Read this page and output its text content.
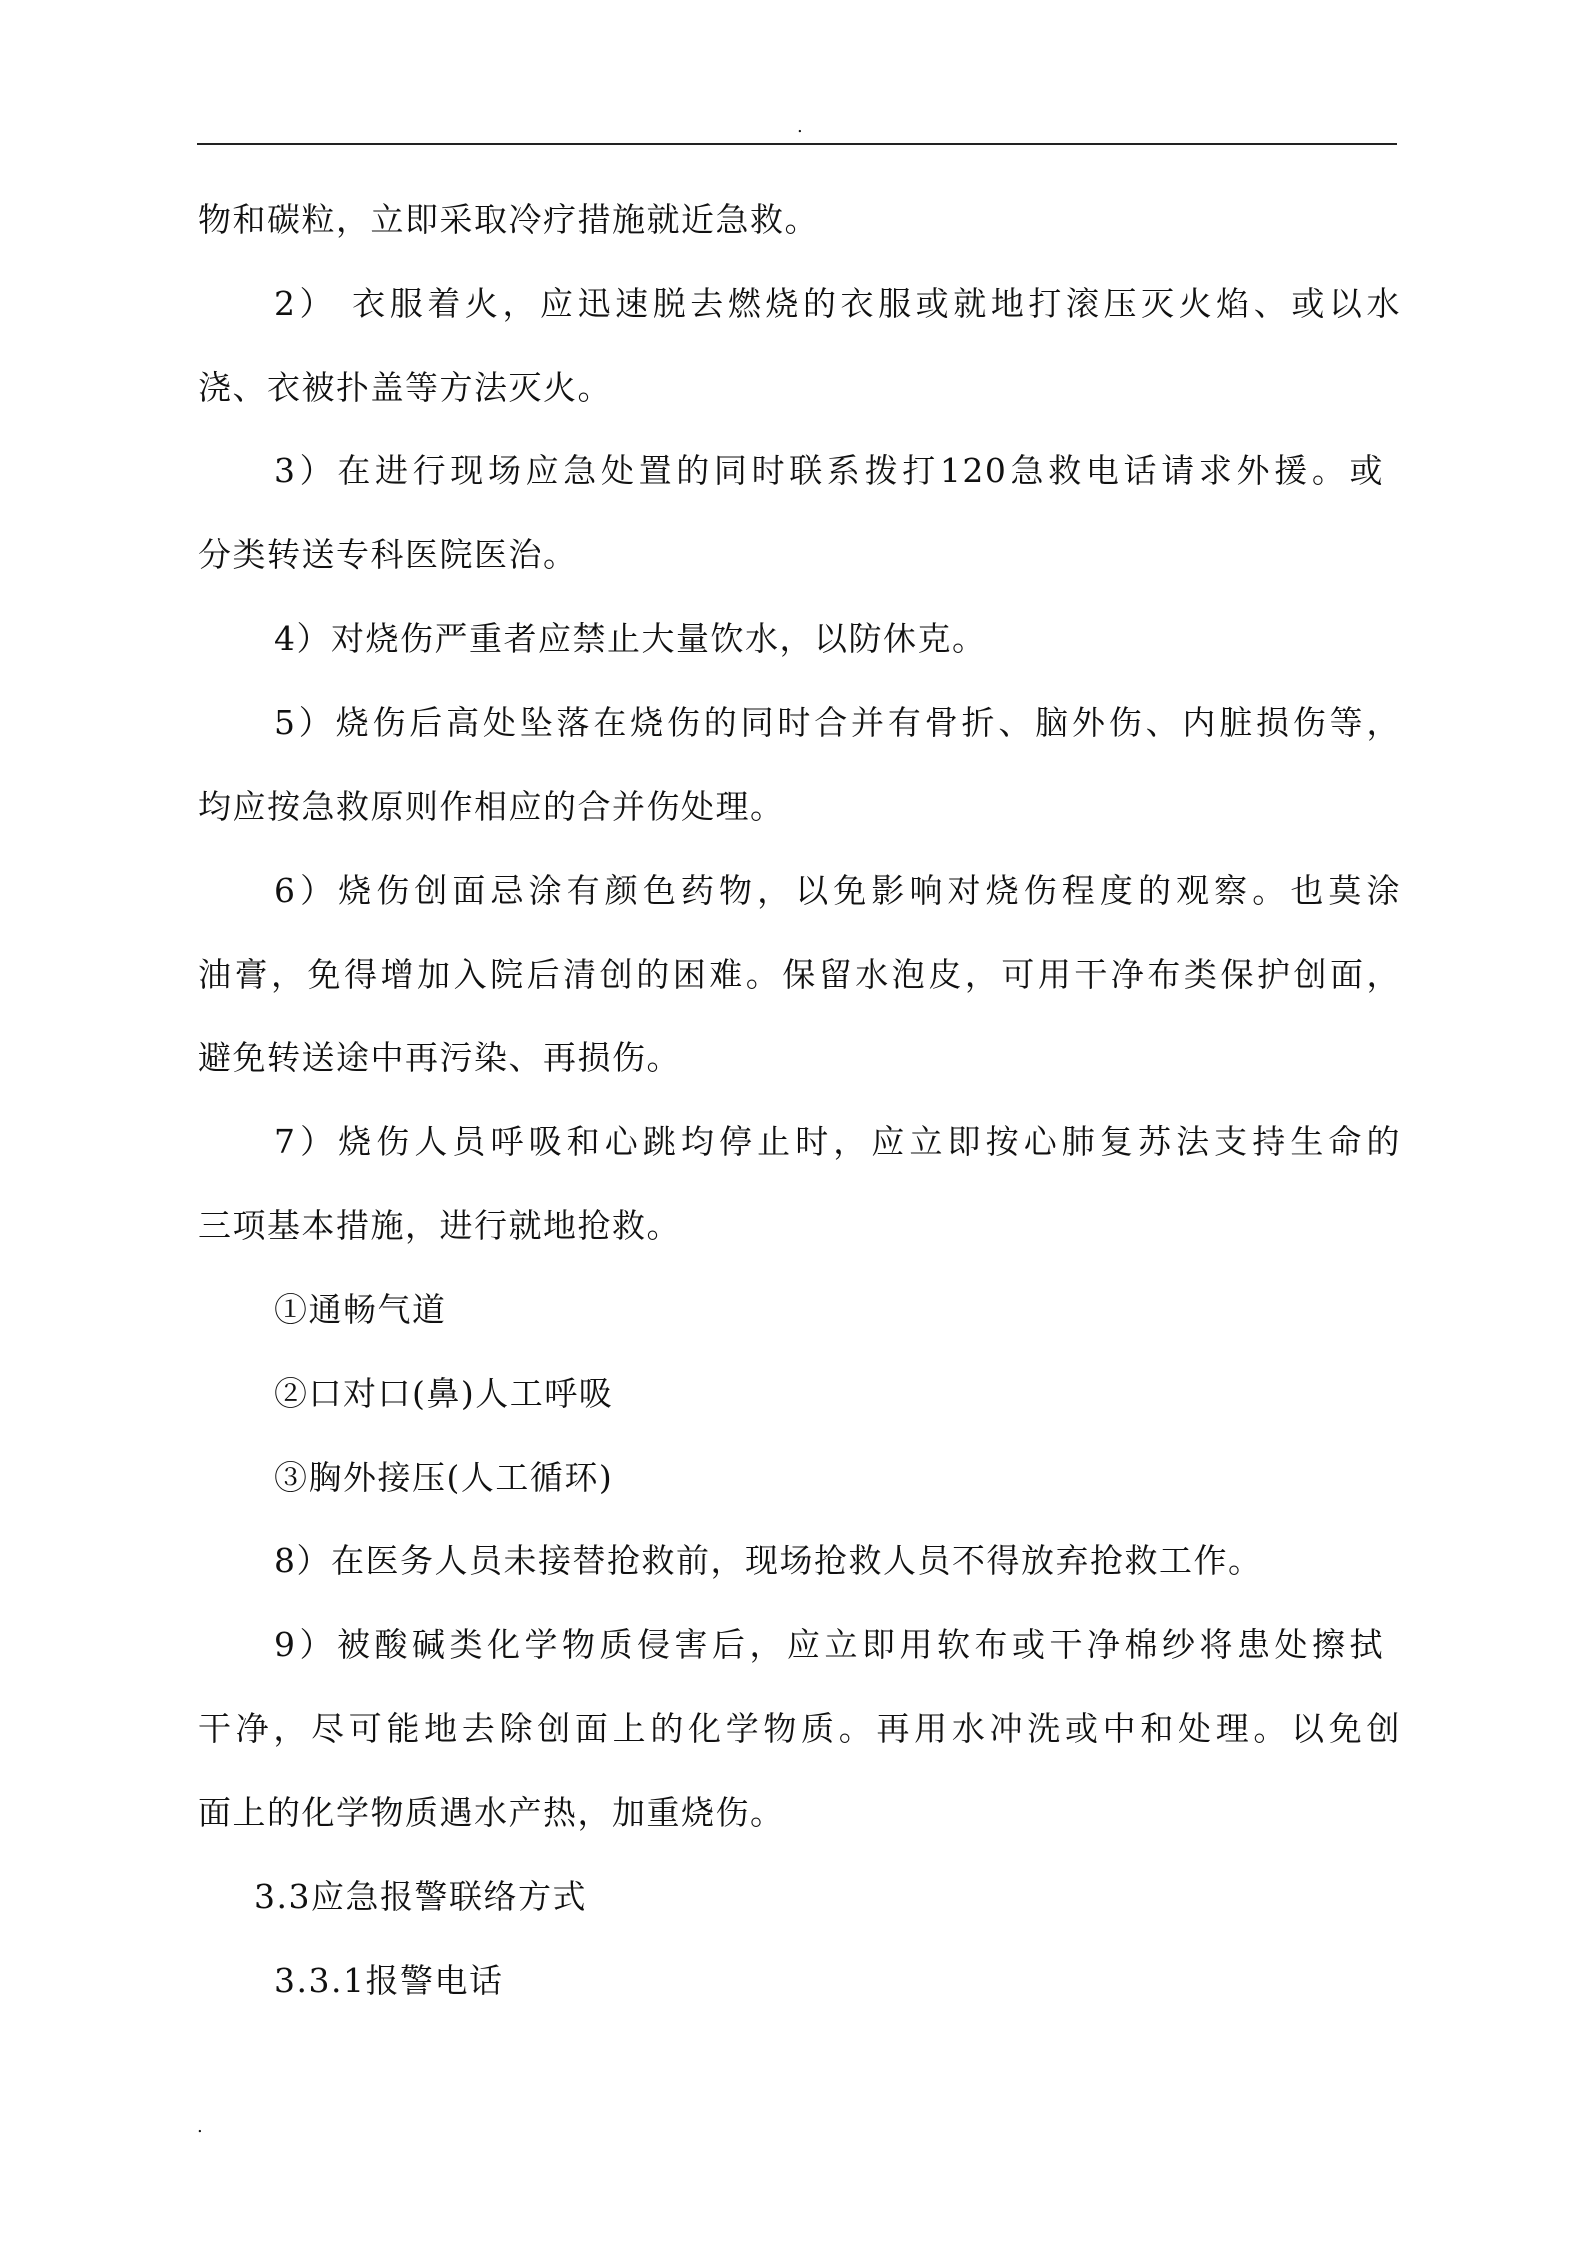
.
物和碳粒，立即采取冷疗措施就近急救。
2） 衣服着火，应迅速脱去燃烧的衣服或就地打滚压灭火焰、或以水
浇、衣被扑盖等方法灭火。
3）在进行现场应急处置的同时联系拨打120急救电话请求外援。或
分类转送专科医院医治。
4）对烧伤严重者应禁止大量饮水，以防休克。
5）烧伤后高处坠落在烧伤的同时合并有骨折、脑外伤、内脏损伤等，
均应按急救原则作相应的合并伤处理。
6）烧伤创面忌涂有颜色药物，以免影响对烧伤程度的观察。也莫涂
油膏，免得增加入院后清创的困难。保留水泡皮，可用干净布类保护创面，
避免转送途中再污染、再损伤。
7）烧伤人员呼吸和心跳均停止时，应立即按心肺复苏法支持生命的
三项基本措施，进行就地抢救。
①通畅气道
②口对口(鼻)人工呼吸
③胸外接压(人工循环)
8）在医务人员未接替抢救前，现场抢救人员不得放弃抢救工作。
9）被酸碱类化学物质侵害后，应立即用软布或干净棉纱将患处擦拭
干净，尽可能地去除创面上的化学物质。再用水冲洗或中和处理。以免创
面上的化学物质遇水产热，加重烧伤。
3.3应急报警联络方式
3.3.1报警电话
.
